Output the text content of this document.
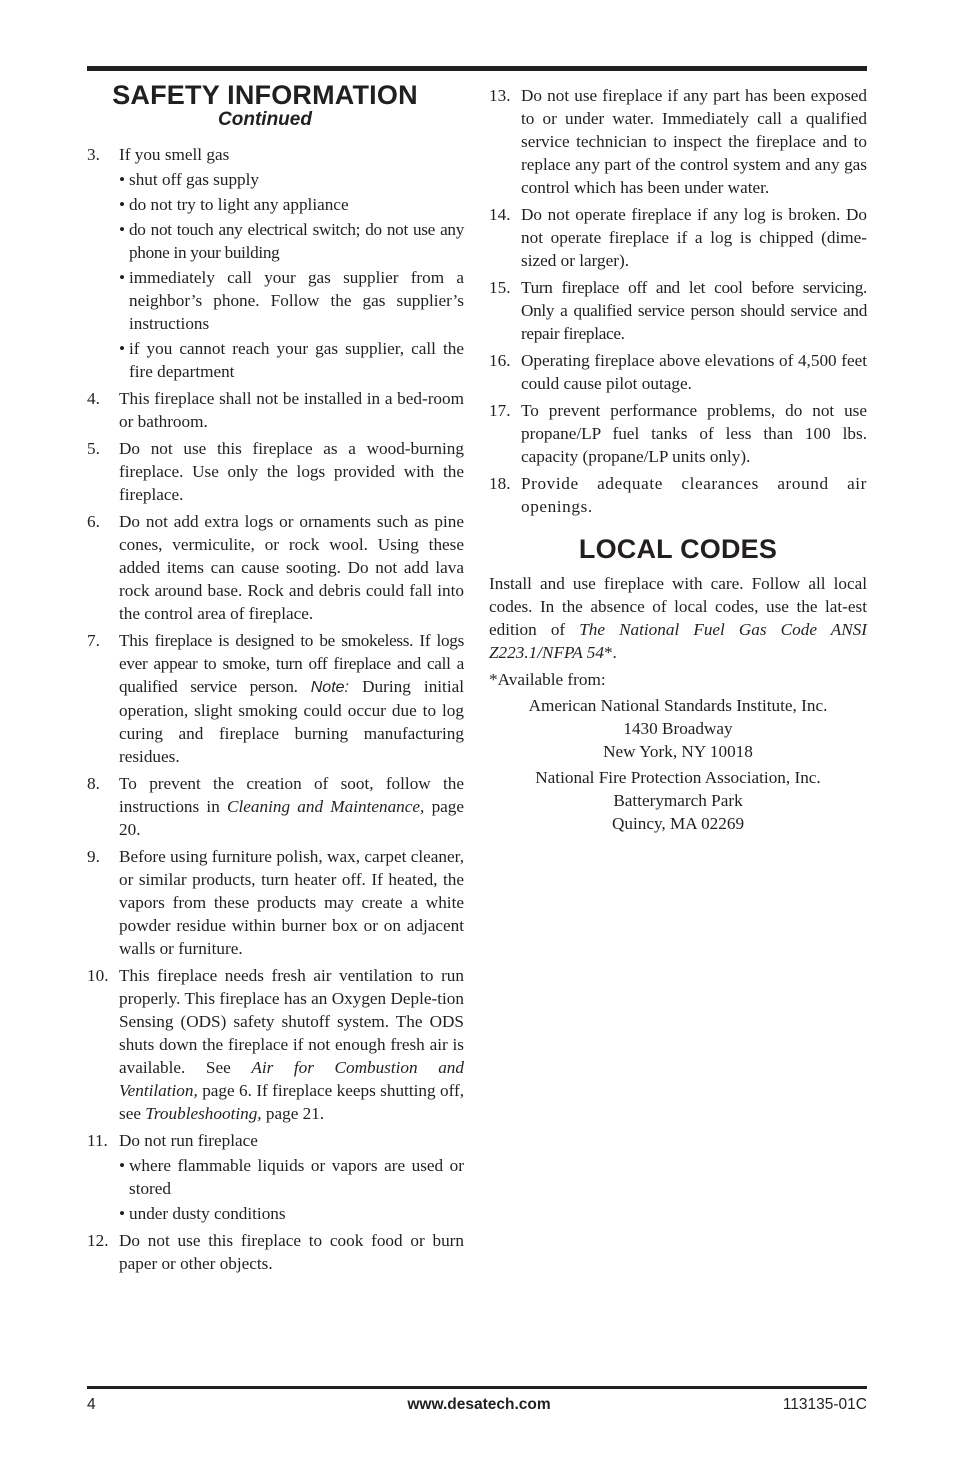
SAFETY INFORMATION
Continued
3.	If you smell gas
• shut off gas supply
• do not try to light any appliance
• do not touch any electrical switch; do not use any phone in your building
• immediately call your gas supplier from a neighbor’s phone. Follow the gas supplier’s instructions
• if you cannot reach your gas supplier, call the fire department
4.	This fireplace shall not be installed in a bed-room or bathroom.
5.	Do not use this fireplace as a wood-burning fireplace. Use only the logs provided with the fireplace.
6.	Do not add extra logs or ornaments such as pine cones, vermiculite, or rock wool. Using these added items can cause sooting. Do not add lava rock around base. Rock and debris could fall into the control area of fireplace.
7.	This fireplace is designed to be smokeless. If logs ever appear to smoke, turn off fireplace and call a qualified service person. Note: During initial operation, slight smoking could occur due to log curing and fireplace burning manufacturing residues.
8.	To prevent the creation of soot, follow the instructions in Cleaning and Maintenance, page 20.
9.	Before using furniture polish, wax, carpet cleaner, or similar products, turn heater off. If heated, the vapors from these products may create a white powder residue within burner box or on adjacent walls or furniture.
10. This fireplace needs fresh air ventilation to run properly. This fireplace has an Oxygen Deple-tion Sensing (ODS) safety shutoff system. The ODS shuts down the fireplace if not enough fresh air is available. See Air for Combustion and Ventilation, page 6. If fireplace keeps shutting off, see Troubleshooting, page 21.
11. Do not run fireplace
• where flammable liquids or vapors are used or stored
• under dusty conditions
12. Do not use this fireplace to cook food or burn paper or other objects.
13. Do not use fireplace if any part has been exposed to or under water. Immediately call a qualified service technician to inspect the fireplace and to replace any part of the control system and any gas control which has been under water.
14. Do not operate fireplace if any log is broken. Do not operate fireplace if a log is chipped (dime-sized or larger).
15. Turn fireplace off and let cool before servicing. Only a qualified service person should service and repair fireplace.
16. Operating fireplace above elevations of 4,500 feet could cause pilot outage.
17. To prevent performance problems, do not use propane/LP fuel tanks of less than 100 lbs. capacity (propane/LP units only).
18. Provide adequate clearances around air openings.
LOCAL CODES
Install and use fireplace with care. Follow all local codes. In the absence of local codes, use the lat-est edition of The National Fuel Gas Code ANSI Z223.1/NFPA 54*.
*Available from:
American National Standards Institute, Inc.
1430 Broadway
New York, NY 10018
National Fire Protection Association, Inc.
Batterymarch Park
Quincy, MA 02269
4	www.desatech.com	113135-01C
